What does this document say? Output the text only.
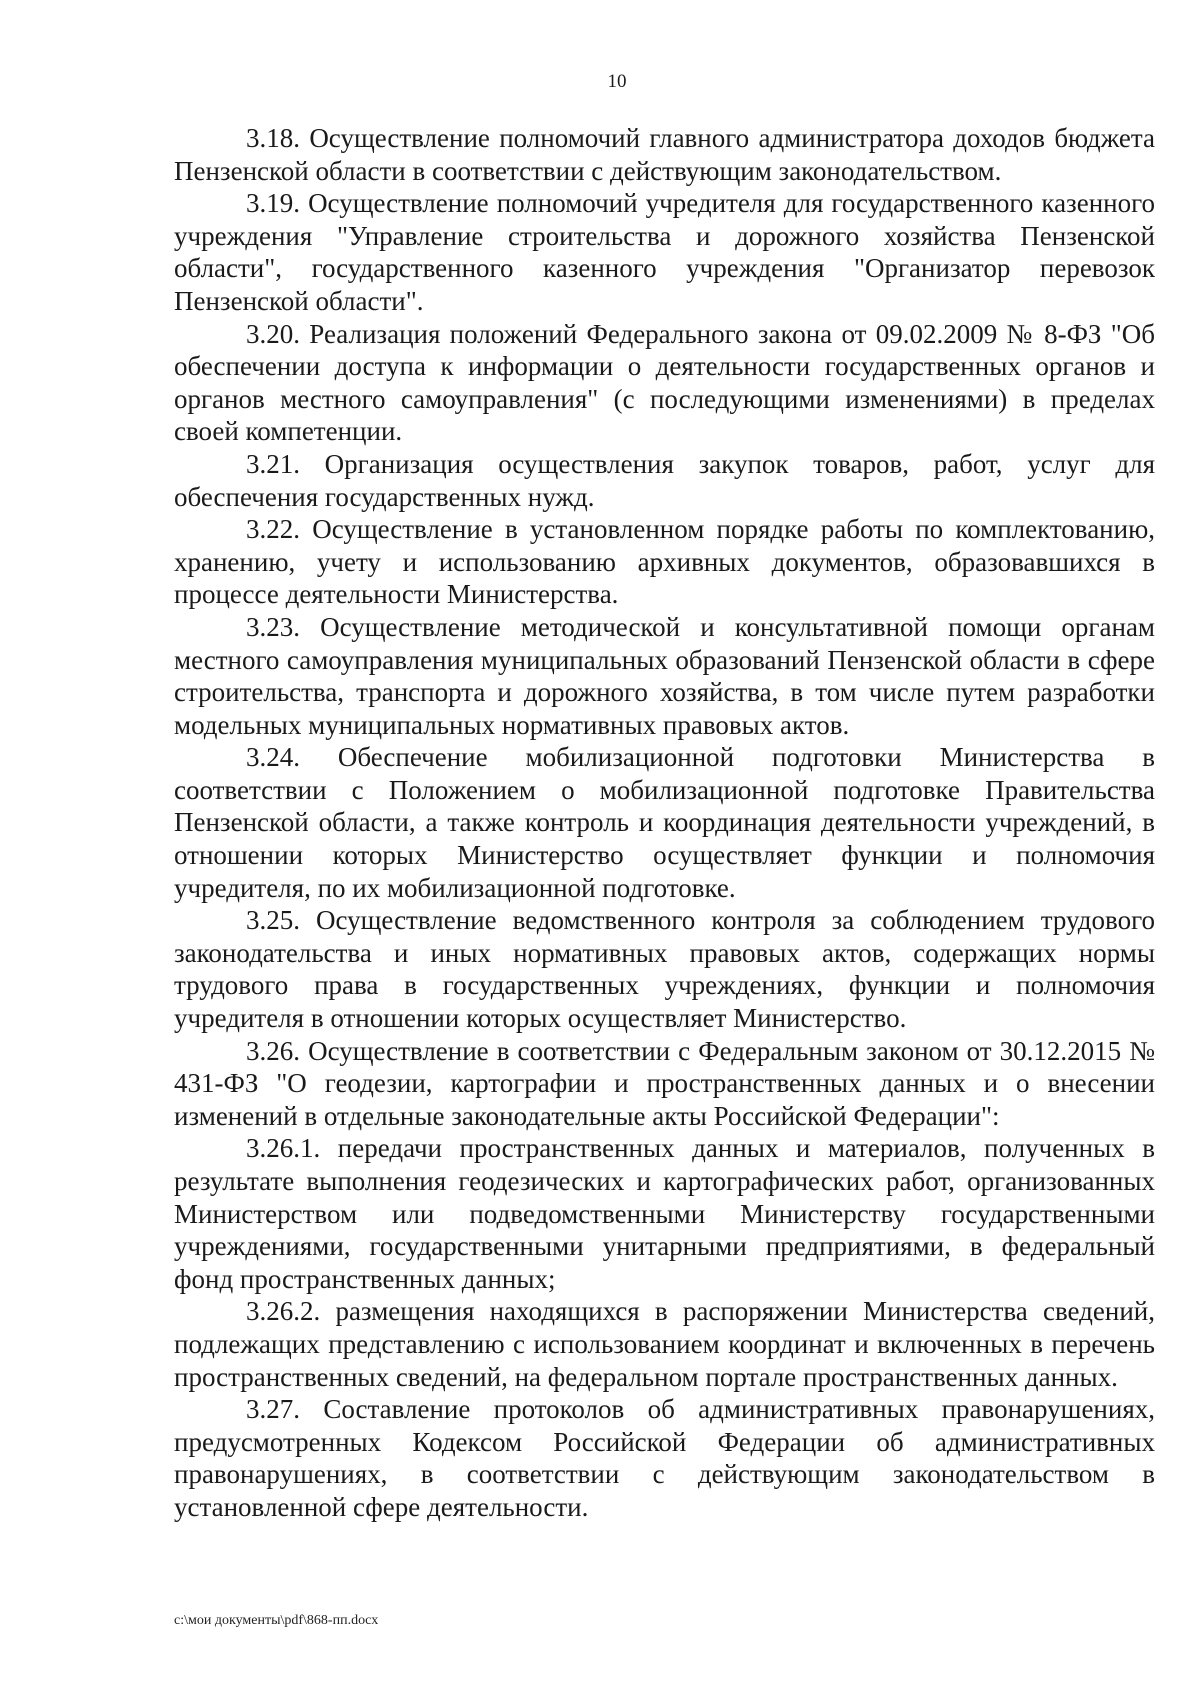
10

3.18. Осуществление полномочий главного администратора доходов бюджета Пензенской области в соответствии с действующим законодательством.

3.19. Осуществление полномочий учредителя для государственного казенного учреждения "Управление строительства и дорожного хозяйства Пензенской области", государственного казенного учреждения "Организатор перевозок Пензенской области".

3.20. Реализация положений Федерального закона от 09.02.2009 № 8-ФЗ "Об обеспечении доступа к информации о деятельности государственных органов и органов местного самоуправления" (с последующими изменениями) в пределах своей компетенции.

3.21. Организация осуществления закупок товаров, работ, услуг для обеспечения государственных нужд.

3.22. Осуществление в установленном порядке работы по комплектованию, хранению, учету и использованию архивных документов, образовавшихся в процессе деятельности Министерства.

3.23. Осуществление методической и консультативной помощи органам местного самоуправления муниципальных образований Пензенской области в сфере строительства, транспорта и дорожного хозяйства, в том числе путем разработки модельных муниципальных нормативных правовых актов.

3.24. Обеспечение мобилизационной подготовки Министерства в соответствии с Положением о мобилизационной подготовке Правительства Пензенской области, а также контроль и координация деятельности учреждений, в отношении которых Министерство осуществляет функции и полномочия учредителя, по их мобилизационной подготовке.

3.25. Осуществление ведомственного контроля за соблюдением трудового законодательства и иных нормативных правовых актов, содержащих нормы трудового права в государственных учреждениях, функции и полномочия учредителя в отношении которых осуществляет Министерство.

3.26. Осуществление в соответствии с Федеральным законом от 30.12.2015 № 431-ФЗ "О геодезии, картографии и пространственных данных и о внесении изменений в отдельные законодательные акты Российской Федерации":

3.26.1. передачи пространственных данных и материалов, полученных в результате выполнения геодезических и картографических работ, организованных Министерством или подведомственными Министерству государственными учреждениями, государственными унитарными предприятиями, в федеральный фонд пространственных данных;

3.26.2. размещения находящихся в распоряжении Министерства сведений, подлежащих представлению с использованием координат и включенных в перечень пространственных сведений, на федеральном портале пространственных данных.

3.27. Составление протоколов об административных правонарушениях, предусмотренных Кодексом Российской Федерации об административных правонарушениях, в соответствии с действующим законодательством в установленной сфере деятельности.

c:\мои документы\pdf\868-пп.docx
